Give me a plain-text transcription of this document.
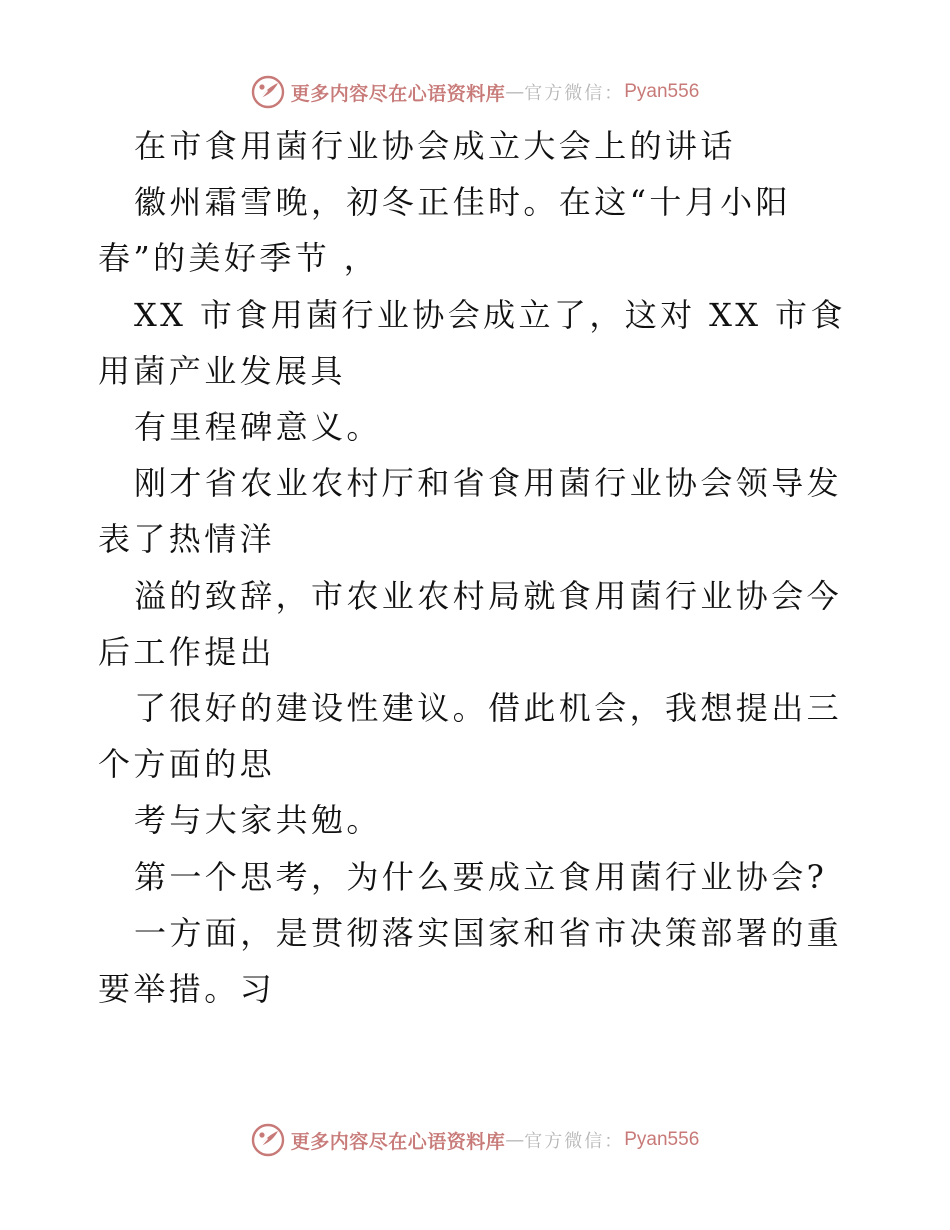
更多内容尽在心语资料库 — 官方微信： Pyan556

在市食用菌行业协会成立大会上的讲话

徽州霜雪晚，初冬正佳时。在这“十月小阳春”的美好季节 ，

XX 市食用菌行业协会成立了，这对 XX 市食用菌产业发展具

有里程碑意义。

刚才省农业农村厅和省食用菌行业协会领导发表了热情洋

溢的致辞，市农业农村局就食用菌行业协会今后工作提出

了很好的建设性建议。借此机会，我想提出三个方面的思

考与大家共勉。

第一个思考，为什么要成立食用菌行业协会?

一方面，是贯彻落实国家和省市决策部署的重要举措。习

更多内容尽在心语资料库 — 官方微信： Pyan556
